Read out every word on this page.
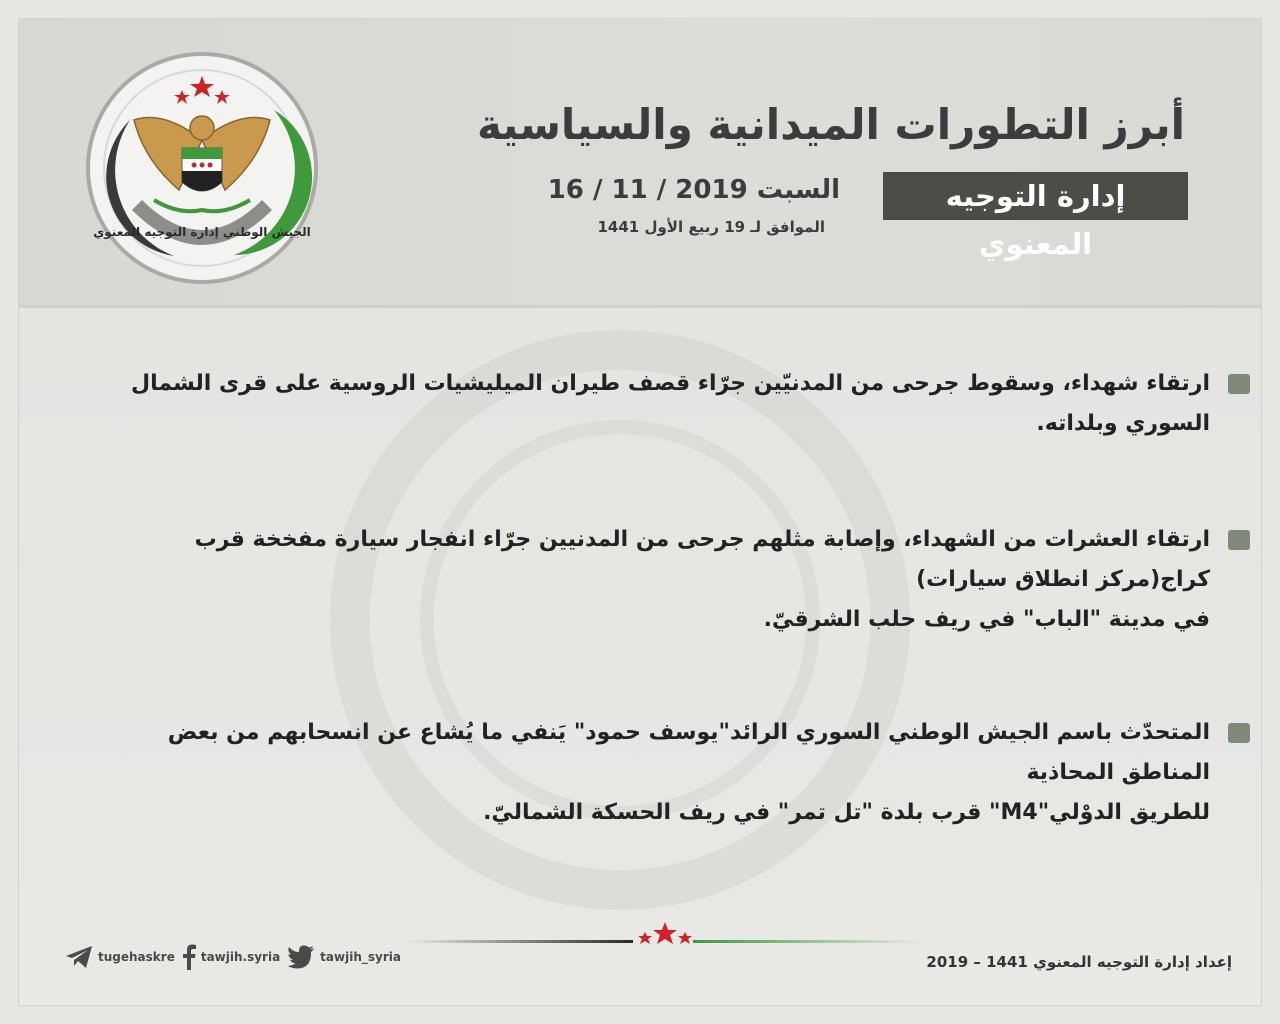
الجيش الوطني إدارة التوجيه المعنوي
أبرز التطورات الميدانية والسياسية
إدارة التوجيه المعنوي
السبت 2019 / 11 / 16
الموافق لـ 19 ربيع الأول 1441
ارتقاء شهداء، وسقوط جرحى من المدنيّين جرّاء قصف طيران الميليشيات الروسية على قرى الشمال السوري وبلداته.
ارتقاء العشرات من الشهداء، وإصابة مثلهم جرحى من المدنيين جرّاء انفجار سيارة مفخخة قرب كراج(مركز انطلاق سيارات)
في مدينة "الباب" في ريف حلب الشرقيّ.
المتحدّث باسم الجيش الوطني السوري الرائد"يوسف حمود" يَنفي ما يُشاع عن انسحابهم من بعض المناطق المحاذية
للطريق الدوْلي"M4" قرب بلدة "تل تمر" في ريف الحسكة الشماليّ.
إعداد إدارة التوجيه المعنوي 1441 – 2019
tugehaskre tawjih.syria	tawjih_syria
